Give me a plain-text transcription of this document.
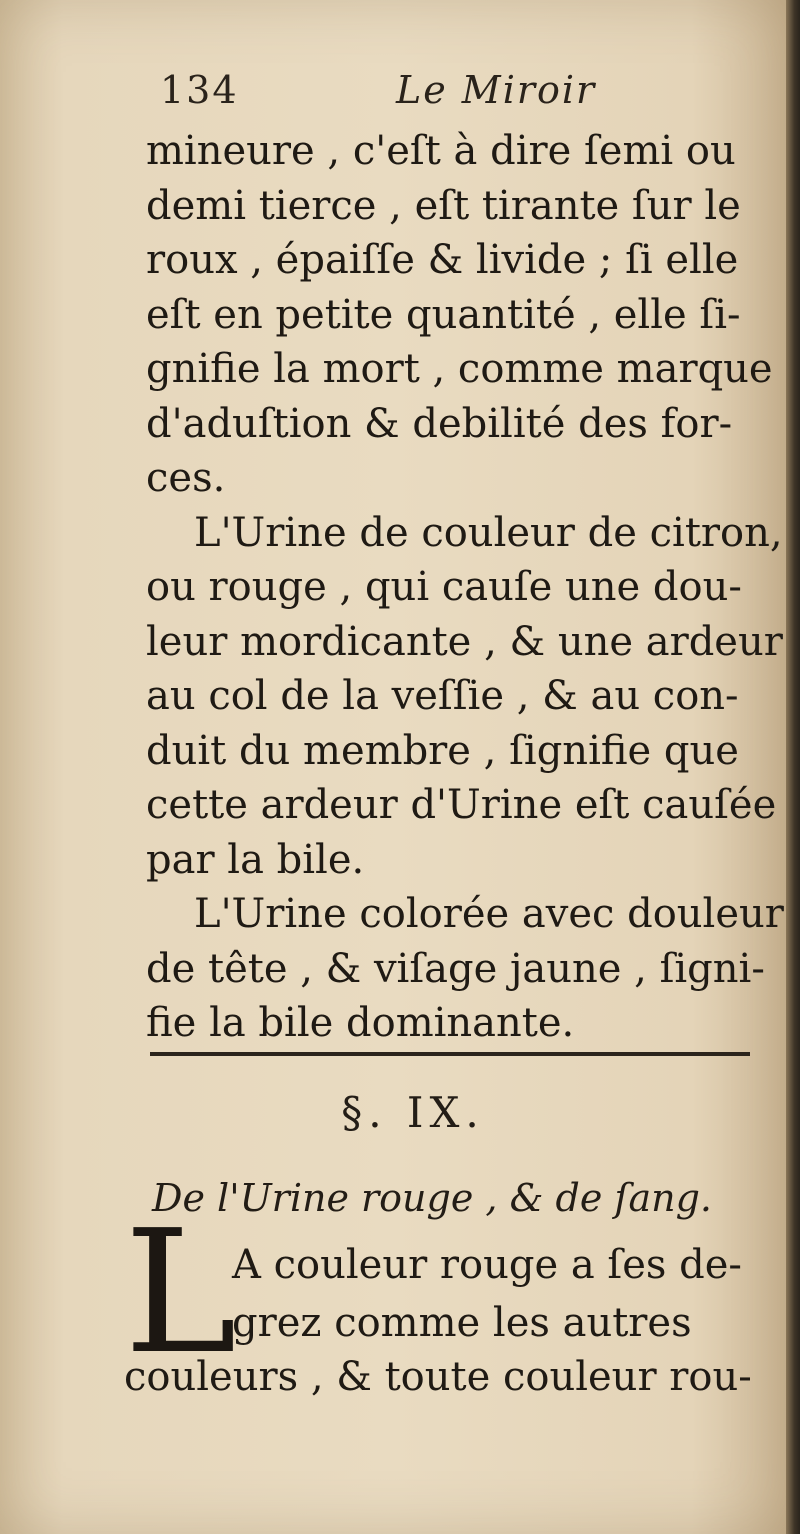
134	Le Miroir
mineure , c'eſt à dire ſemi ou
demi tierce , eſt tirante ſur le
roux , épaiſſe & livide ; ſi elle
eſt en petite quantité , elle ſi-
gnifie la mort , comme marque
d'aduſtion & debilité des for-
ces.
L'Urine de couleur de citron,
ou rouge , qui cauſe une dou-
leur mordicante , & une ardeur
au col de la veſſie , & au con-
duit du membre , ſignifie que
cette ardeur d'Urine eſt cauſée
par la bile.
L'Urine colorée avec douleur
de tête , & viſage jaune , ſigni-
fie la bile dominante.
§. IX.
De l'Urine rouge , & de ſang.
L
A couleur rouge a ſes de-
grez comme les autres
couleurs , & toute couleur rou-
